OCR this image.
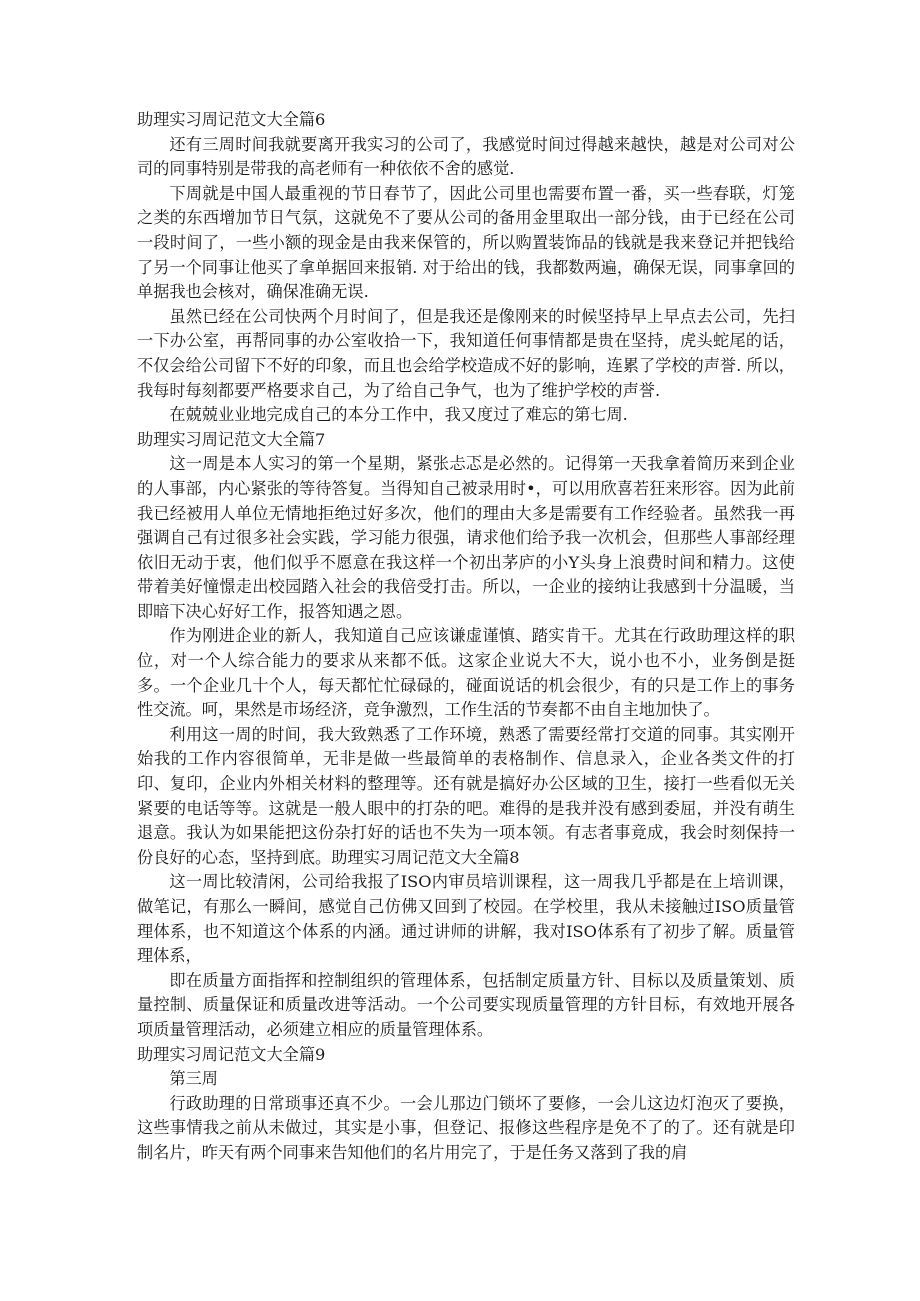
助理实习周记范文大全篇6

还有三周时间我就要离开我实习的公司了，我感觉时间过得越来越快，越是对公司对公司的同事特别是带我的高老师有一种依依不舍的感觉.

下周就是中国人最重视的节日春节了，因此公司里也需要布置一番，买一些春联，灯笼之类的东西增加节日气氛，这就免不了要从公司的备用金里取出一部分钱，由于已经在公司一段时间了，一些小额的现金是由我来保管的，所以购置装饰品的钱就是我来登记并把钱给了另一个同事让他买了拿单据回来报销. 对于给出的钱，我都数两遍，确保无误，同事拿回的单据我也会核对，确保准确无误.

虽然已经在公司快两个月时间了，但是我还是像刚来的时候坚持早上早点去公司，先扫一下办公室，再帮同事的办公室收拾一下，我知道任何事情都是贵在坚持，虎头蛇尾的话，不仅会给公司留下不好的印象，而且也会给学校造成不好的影响，连累了学校的声誉. 所以，我每时每刻都要严格要求自己，为了给自己争气，也为了维护学校的声誉.

在兢兢业业地完成自己的本分工作中，我又度过了难忘的第七周.

助理实习周记范文大全篇7

这一周是本人实习的第一个星期，紧张忐忑是必然的。记得第一天我拿着简历来到企业的人事部，内心紧张的等待答复。当得知自己被录用时•，可以用欣喜若狂来形容。因为此前我已经被用人单位无情地拒绝过好多次，他们的理由大多是需要有工作经验者。虽然我一再强调自己有过很多社会实践，学习能力很强，请求他们给予我一次机会，但那些人事部经理依旧无动于衷，他们似乎不愿意在我这样一个初出茅庐的小Y头身上浪费时间和精力。这使带着美好憧憬走出校园踏入社会的我倍受打击。所以，一企业的接纳让我感到十分温暖，当即暗下决心好好工作，报答知遇之恩。

作为刚进企业的新人，我知道自己应该谦虚谨慎、踏实肯干。尤其在行政助理这样的职位，对一个人综合能力的要求从来都不低。这家企业说大不大，说小也不小，业务倒是挺多。一个企业几十个人，每天都忙忙碌碌的，碰面说话的机会很少，有的只是工作上的事务性交流。呵，果然是市场经济，竞争激烈，工作生活的节奏都不由自主地加快了。

利用这一周的时间，我大致熟悉了工作环境，熟悉了需要经常打交道的同事。其实刚开始我的工作内容很简单，无非是做一些最简单的表格制作、信息录入，企业各类文件的打印、复印，企业内外相关材料的整理等。还有就是搞好办公区域的卫生，接打一些看似无关紧要的电话等等。这就是一般人眼中的打杂的吧。难得的是我并没有感到委屈，并没有萌生退意。我认为如果能把这份杂打好的话也不失为一项本领。有志者事竟成，我会时刻保持一份良好的心态，坚持到底。助理实习周记范文大全篇8

这一周比较清闲，公司给我报了ISO内审员培训课程，这一周我几乎都是在上培训课，做笔记，有那么一瞬间，感觉自己仿佛又回到了校园。在学校里，我从未接触过ISO质量管理体系，也不知道这个体系的内涵。通过讲师的讲解，我对ISO体系有了初步了解。质量管理体系，

即在质量方面指挥和控制组织的管理体系，包括制定质量方针、目标以及质量策划、质量控制、质量保证和质量改进等活动。一个公司要实现质量管理的方针目标，有效地开展各项质量管理活动，必须建立相应的质量管理体系。

助理实习周记范文大全篇9

第三周

行政助理的日常琐事还真不少。一会儿那边门锁坏了要修，一会儿这边灯泡灭了要换，这些事情我之前从未做过，其实是小事，但登记、报修这些程序是免不了的了。还有就是印制名片，昨天有两个同事来告知他们的名片用完了，于是任务又落到了我的肩
